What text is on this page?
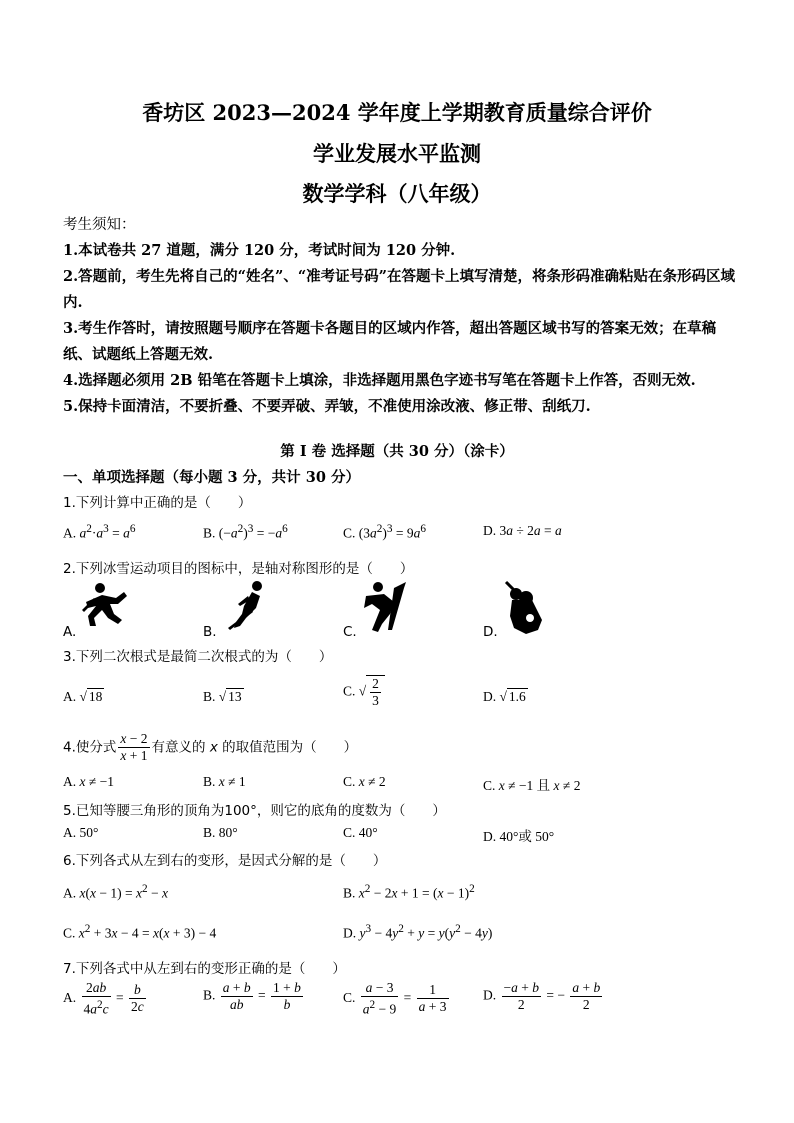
香坊区 2023—2024 学年度上学期教育质量综合评价
学业发展水平监测
数学学科（八年级）
考生须知：
1.本试卷共 27 道题，满分 120 分，考试时间为 120 分钟.
2.答题前，考生先将自己的“姓名”、“准考证号码”在答题卡上填写清楚，将条形码准确粘贴在条形码区域内.
3.考生作答时，请按照题号顺序在答题卡各题目的区域内作答，超出答题区域书写的答案无效；在草稿纸、试题纸上答题无效.
4.选择题必须用 2B 铅笔在答题卡上填涂，非选择题用黑色字迹书写笔在答题卡上作答，否则无效.
5.保持卡面清洁，不要折叠、不要弄破、弄皱，不准使用涂改液、修正带、刮纸刀.
第 I 卷 选择题（共 30 分）（涂卡）
一、单项选择题（每小题 3 分，共计 30 分）
1.下列计算中正确的是（　　）
A. $a^2\cdot a^3 = a^6$	B. $(-a^2)^3 = -a^6$	C. $(3a^2)^3 = 9a^6$	D. 3a ÷ 2a = a
2.下列冰雪运动项目的图标中，是轴对称图形的是（　　）
A.	B.	C.	D.
3.下列二次根式是最简二次根式的为（　　）
A. √ 18	B. √ 13	C. √ $\frac{2}{3}$	D. √ 1.6
4.使分式 $\frac{x - 2}{x + 1}$ 有意义的 x 的取值范围为（　　）
A. x ≠ −1	B. x ≠ 1	C. x ≠ 2	C. x ≠ −1 且 x ≠ 2
5.已知等腰三角形的顶角为100°，则它的底角的度数为（　　）
A. 50°	B. 80°	C. 40°	D. 40°或 50°
6.下列各式从左到右的变形，是因式分解的是（　　）
A. $x(x - 1) = x^2 - x$	B. $x^2 - 2x + 1 = (x - 1)^2$
C. $x^2 + 3x - 4 = x(x + 3) - 4$	D. $y^3 - 4y^2 + y = y(y^2 - 4y)$
7.下列各式中从左到右的变形正确的是（　　）
A. $\frac{2ab}{4a^2c} = \frac{b}{2c}$	B. $\frac{a + b}{ab} = \frac{1 + b}{b}$	C. $\frac{a - 3}{a^2 - 9} = \frac{1}{a + 3}$	D. $\frac{-a + b}{2}$ = − $\frac{a + b}{2}$
